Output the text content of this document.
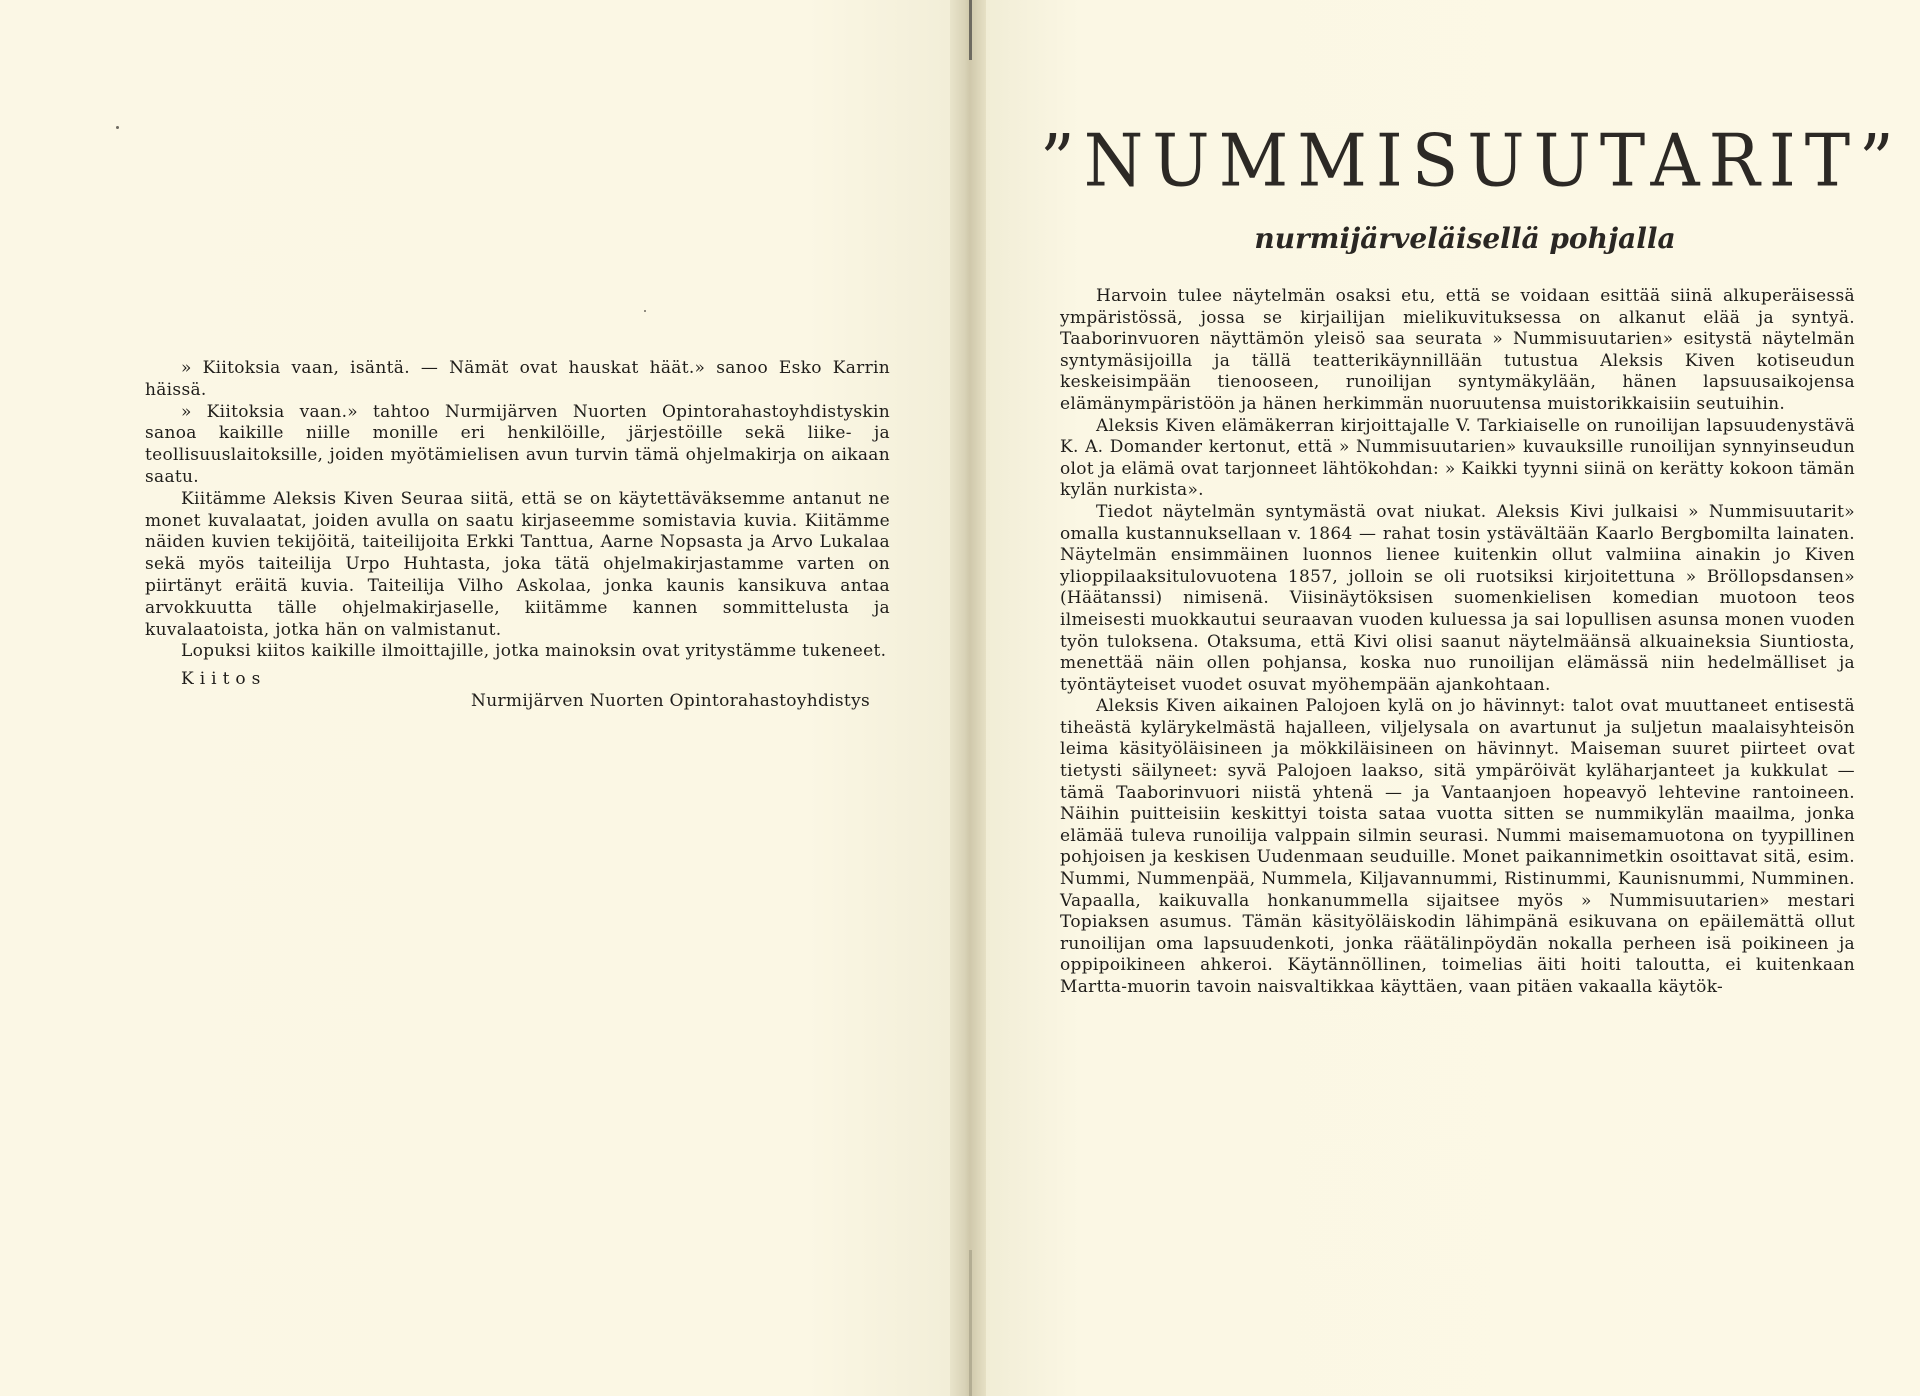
» Kiitoksia vaan, isäntä. — Nämät ovat hauskat häät.» sanoo Esko Karrin häissä.

» Kiitoksia vaan.» tahtoo Nurmijärven Nuorten Opintorahastoyhdistyskin sanoa kaikille niille monille eri henkilöille, järjestöille sekä liike- ja teollisuuslaitoksille, joiden myötämielisen avun turvin tämä ohjelmakirja on aikaan saatu.

Kiitämme Aleksis Kiven Seuraa siitä, että se on käytettäväksemme antanut ne monet kuvalaatat, joiden avulla on saatu kirjaseemme somistavia kuvia. Kiitämme näiden kuvien tekijöitä, taiteilijoita Erkki Tanttua, Aarne Nopsasta ja Arvo Lukalaa sekä myös taiteilija Urpo Huhtasta, joka tätä ohjelmakirjastamme varten on piirtänyt eräitä kuvia. Taiteilija Vilho Askolaa, jonka kaunis kansikuva antaa arvokkuutta tälle ohjelmakirjaselle, kiitämme kannen sommittelusta ja kuvalaatoista, jotka hän on valmistanut.

Lopuksi kiitos kaikille ilmoittajille, jotka mainoksin ovat yritystämme tukeneet.

Kiitos

Nurmijärven Nuorten Opintorahastoyhdistys

”NUMMISUUTARIT”
nurmijärveläisellä pohjalla

Harvoin tulee näytelmän osaksi etu, että se voidaan esittää siinä alkuperäisessä ympäristössä, jossa se kirjailijan mielikuvituksessa on alkanut elää ja syntyä. Taaborinvuoren näyttämön yleisö saa seurata » Nummisuutarien» esitystä näytelmän syntymäsijoilla ja tällä teatterikäynnillään tutustua Aleksis Kiven kotiseudun keskeisimpään tienooseen, runoilijan syntymäkylään, hänen lapsuusaikojensa elämänympäristöön ja hänen herkimmän nuoruutensa muistorikkaisiin seutuihin.

Aleksis Kiven elämäkerran kirjoittajalle V. Tarkiaiselle on runoilijan lapsuudenystävä K. A. Domander kertonut, että » Nummisuutarien» kuvauksille runoilijan synnyinseudun olot ja elämä ovat tarjonneet lähtökohdan: » Kaikki tyynni siinä on kerätty kokoon tämän kylän nurkista».

Tiedot näytelmän syntymästä ovat niukat. Aleksis Kivi julkaisi » Nummisuutarit» omalla kustannuksellaan v. 1864 — rahat tosin ystävältään Kaarlo Bergbomilta lainaten. Näytelmän ensimmäinen luonnos lienee kuitenkin ollut valmiina ainakin jo Kiven ylioppilaaksitulovuotena 1857, jolloin se oli ruotsiksi kirjoitettuna » Bröllopsdansen» (Häätanssi) nimisenä. Viisinäytöksisen suomenkielisen komedian muotoon teos ilmeisesti muokkautui seuraavan vuoden kuluessa ja sai lopullisen asunsa monen vuoden työn tuloksena. Otaksuma, että Kivi olisi saanut näytelmäänsä alkuaineksia Siuntiosta, menettää näin ollen pohjansa, koska nuo runoilijan elämässä niin hedelmälliset ja työntäyteiset vuodet osuvat myöhempään ajankohtaan.

Aleksis Kiven aikainen Palojoen kylä on jo hävinnyt: talot ovat muuttaneet entisestä tiheästä kylärykelmästä hajalleen, viljelysala on avartunut ja suljetun maalaisyhteisön leima käsityöläisineen ja mökkiläisineen on hävinnyt. Maiseman suuret piirteet ovat tietysti säilyneet: syvä Palojoen laakso, sitä ympäröivät kyläharjanteet ja kukkulat — tämä Taaborinvuori niistä yhtenä — ja Vantaanjoen hopeavyö lehtevine rantoineen. Näihin puitteisiin keskittyi toista sataa vuotta sitten se nummikylän maailma, jonka elämää tuleva runoilija valppain silmin seurasi. Nummi maisemamuotona on tyypillinen pohjoisen ja keskisen Uudenmaan seuduille. Monet paikannimetkin osoittavat sitä, esim. Nummi, Nummenpää, Nummela, Kiljavannummi, Ristinummi, Kaunisnummi, Numminen. Vapaalla, kaikuvalla honkanummella sijaitsee myös » Nummisuutarien» mestari Topiaksen asumus. Tämän käsityöläiskodin lähimpänä esikuvana on epäilemättä ollut runoilijan oma lapsuudenkoti, jonka räätälinpöydän nokalla perheen isä poikineen ja oppipoikineen ahkeroi. Käytännöllinen, toimelias äiti hoiti taloutta, ei kuitenkaan Martta-muorin tavoin naisvaltikkaa käyttäen, vaan pitäen vakaalla käytök-
